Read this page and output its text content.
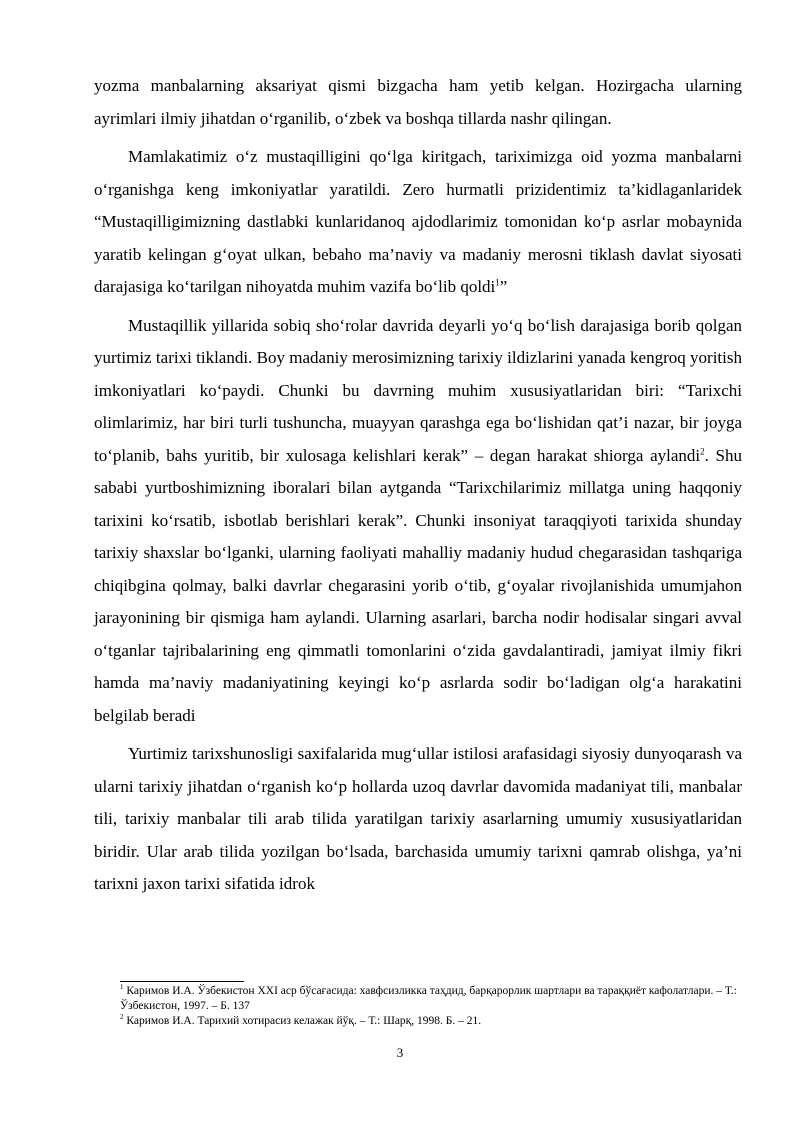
yozma manbalarning aksariyat qismi bizgacha ham yetib kelgan. Hozirgacha ularning ayrimlari ilmiy jihatdan o‘rganilib, o‘zbek va boshqa tillarda nashr qilingan.

Mamlakatimiz o‘z mustaqilligini qo‘lga kiritgach, tariximizga oid yozma manbalarni o‘rganishga keng imkoniyatlar yaratildi. Zero hurmatli prizidentimiz ta’kidlaganlaridek “Mustaqilligimizning dastlabki kunlaridanoq ajdodlarimiz tomonidan ko‘p asrlar mobaynida yaratib kelingan g‘oyat ulkan, bebaho ma’naviy va madaniy merosni tiklash davlat siyosati darajasiga ko‘tarilgan nihoyatda muhim vazifa bo‘lib qoldi$^1$”

Mustaqillik yillarida sobiq sho‘rolar davrida deyarli yo‘q bo‘lish darajasiga borib qolgan yurtimiz tarixi tiklandi. Boy madaniy merosimizning tarixiy ildizlarini yanada kengroq yoritish imkoniyatlari ko‘paydi. Chunki bu davrning muhim xususiyatlaridan biri: “Tarixchi olimlarimiz, har biri turli tushuncha, muayyan qarashga ega bo‘lishidan qat’i nazar, bir joyga to‘planib, bahs yuritib, bir xulosaga kelishlari kerak” – degan harakat shiorga aylandi$^2$. Shu sababi yurtboshimizning iboralari bilan aytganda “Tarixchilarimiz millatga uning haqqoniy tarixini ko‘rsatib, isbotlab berishlari kerak”. Chunki insoniyat taraqqiyoti tarixida shunday tarixiy shaxslar bo‘lganki, ularning faoliyati mahalliy madaniy hudud chegarasidan tashqariga chiqibgina qolmay, balki davrlar chegarasini yorib o‘tib, g‘oyalar rivojlanishida umumjahon jarayonining bir qismiga ham aylandi. Ularning asarlari, barcha nodir hodisalar singari avval o‘tganlar tajribalarining eng qimmatli tomonlarini o‘zida gavdalantiradi, jamiyat ilmiy fikri hamda ma’naviy madaniyatining keyingi ko‘p asrlarda sodir bo‘ladigan olg‘a harakatini belgilab beradi

Yurtimiz tarixshunosligi saxifalarida mug‘ullar istilosi arafasidagi siyosiy dunyoqarash va ularni tarixiy jihatdan o‘rganish ko‘p hollarda uzoq davrlar davomida madaniyat tili, manbalar tili, tarixiy manbalar tili arab tilida yaratilgan tarixiy asarlarning umumiy xususiyatlaridan biridir. Ular arab tilida yozilgan bo‘lsada, barchasida umumiy tarixni qamrab olishga, ya’ni tarixni jaxon tarixi sifatida idrok

$^1$ Каримов И.А. Ўзбекистон XXI аср бўсағасида: хавфсизликка таҳдид, барқарорлик шартлари ва тараққиёт кафолатлари. – Т.: Ўзбекистон, 1997. – Б. 137

$^2$ Каримов И.А. Тарихий хотирасиз келажак йўқ. – Т.: Шарқ, 1998. Б. – 21.

3
